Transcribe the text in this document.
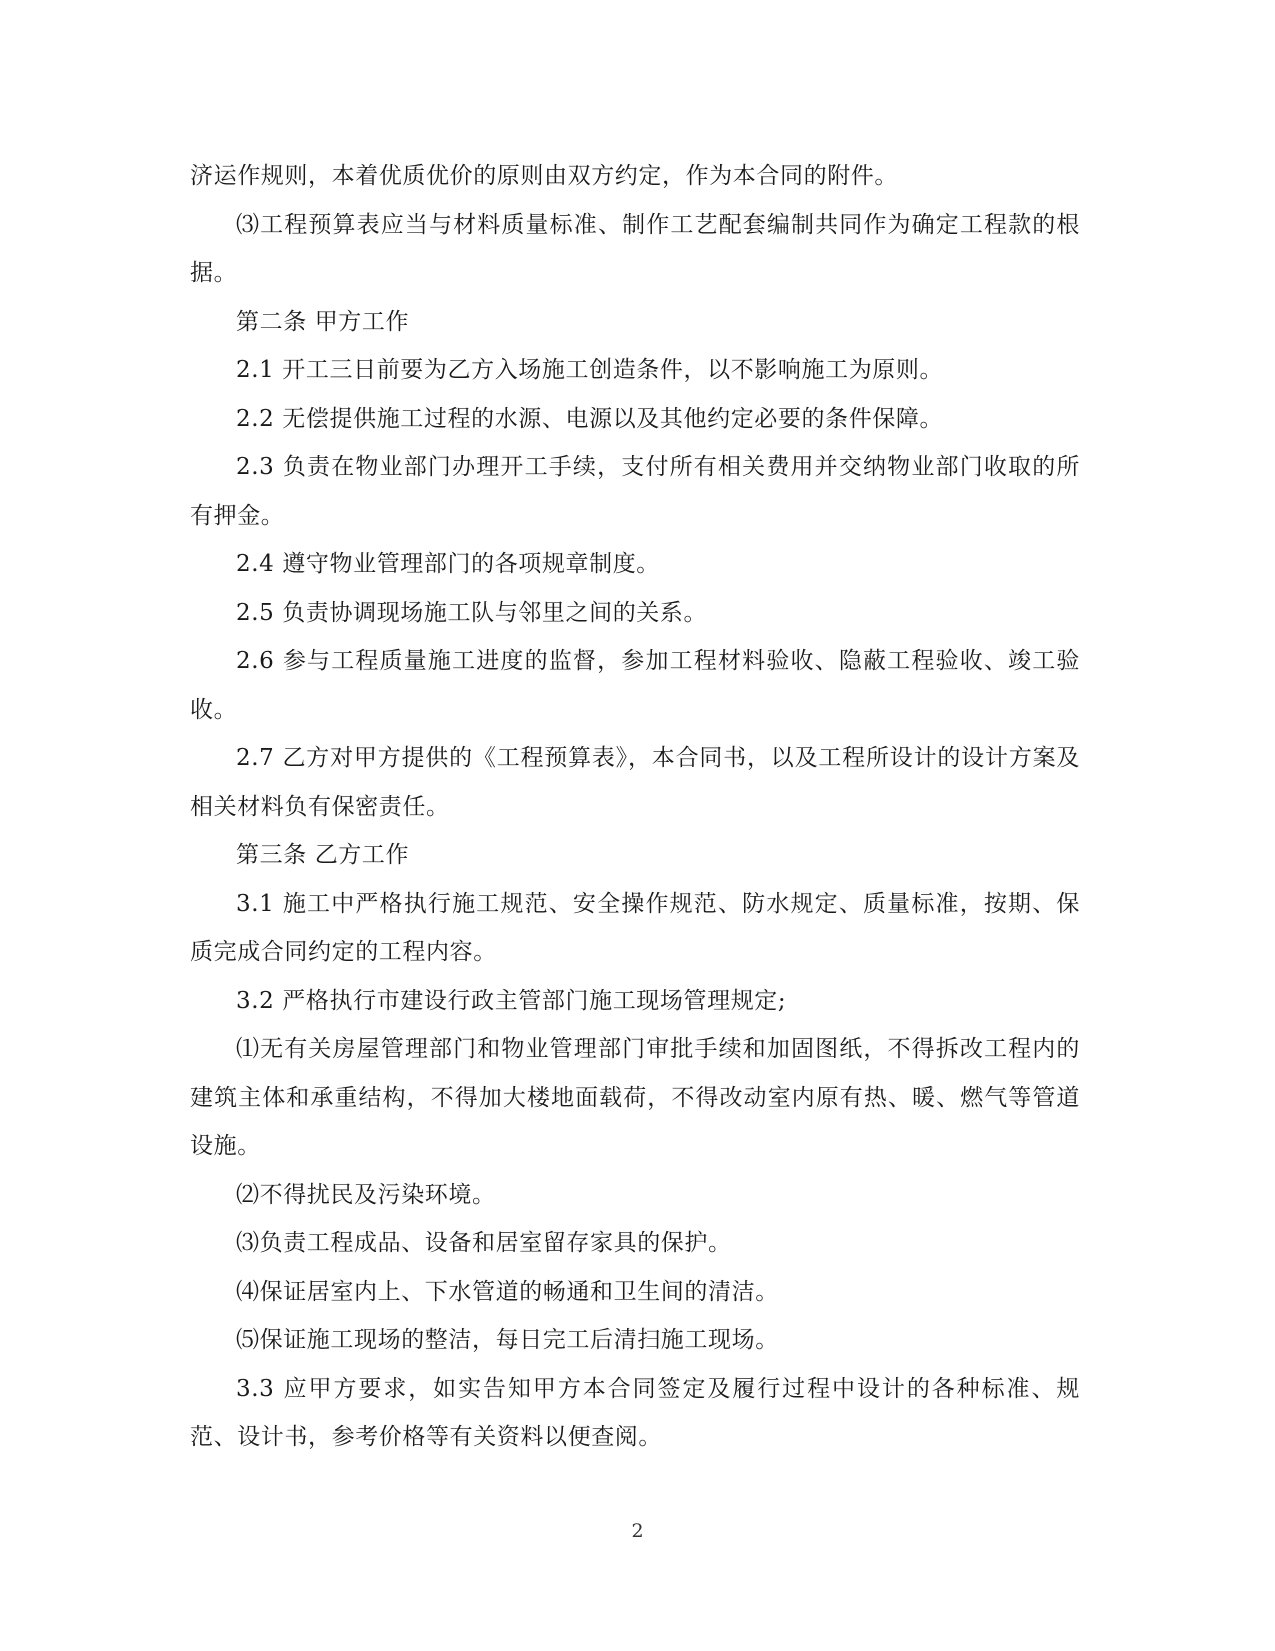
济运作规则，本着优质优价的原则由双方约定，作为本合同的附件。

⑶工程预算表应当与材料质量标准、制作工艺配套编制共同作为确定工程款的根据。

第二条 甲方工作

2.1 开工三日前要为乙方入场施工创造条件，以不影响施工为原则。

2.2 无偿提供施工过程的水源、电源以及其他约定必要的条件保障。

2.3 负责在物业部门办理开工手续，支付所有相关费用并交纳物业部门收取的所有押金。

2.4 遵守物业管理部门的各项规章制度。

2.5 负责协调现场施工队与邻里之间的关系。

2.6 参与工程质量施工进度的监督，参加工程材料验收、隐蔽工程验收、竣工验收。

2.7 乙方对甲方提供的《工程预算表》，本合同书，以及工程所设计的设计方案及相关材料负有保密责任。

第三条 乙方工作

3.1 施工中严格执行施工规范、安全操作规范、防水规定、质量标准，按期、保质完成合同约定的工程内容。

3.2 严格执行市建设行政主管部门施工现场管理规定;

⑴无有关房屋管理部门和物业管理部门审批手续和加固图纸，不得拆改工程内的建筑主体和承重结构，不得加大楼地面载荷，不得改动室内原有热、暖、燃气等管道设施。

⑵不得扰民及污染环境。

⑶负责工程成品、设备和居室留存家具的保护。

⑷保证居室内上、下水管道的畅通和卫生间的清洁。

⑸保证施工现场的整洁，每日完工后清扫施工现场。

3.3 应甲方要求，如实告知甲方本合同签定及履行过程中设计的各种标准、规范、设计书，参考价格等有关资料以便查阅。

2
